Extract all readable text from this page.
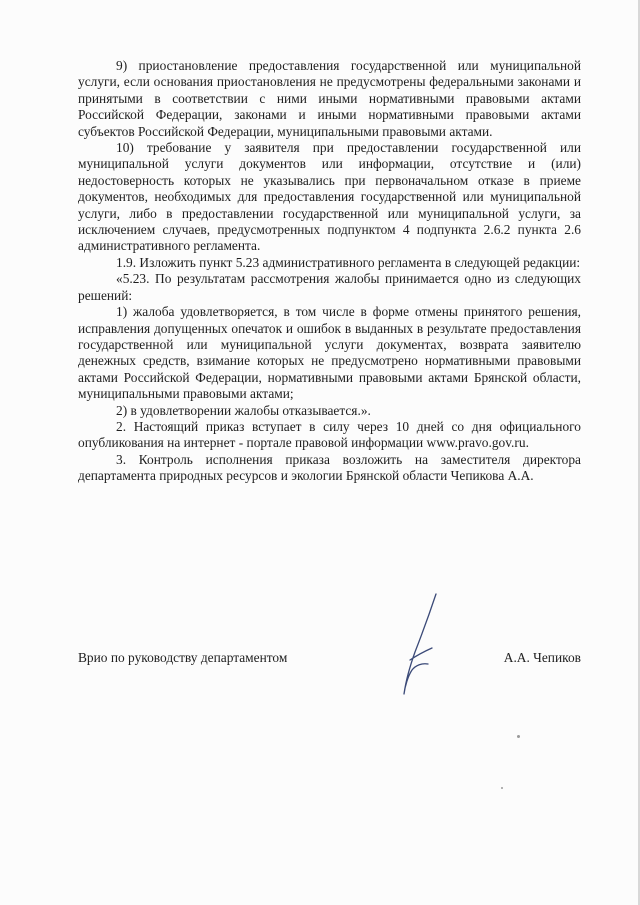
9) приостановление предоставления государственной или муниципальной услуги, если основания приостановления не предусмотрены федеральными законами и принятыми в соответствии с ними иными нормативными правовыми актами Российской Федерации, законами и иными нормативными правовыми актами субъектов Российской Федерации, муниципальными правовыми актами.

10) требование у заявителя при предоставлении государственной или муниципальной услуги документов или информации, отсутствие и (или) недостоверность которых не указывались при первоначальном отказе в приеме документов, необходимых для предоставления государственной или муниципальной услуги, либо в предоставлении государственной или муниципальной услуги, за исключением случаев, предусмотренных подпунктом 4 подпункта 2.6.2 пункта 2.6 административного регламента.

1.9. Изложить пункт 5.23 административного регламента в следующей редакции:

«5.23. По результатам рассмотрения жалобы принимается одно из следующих решений:

1) жалоба удовлетворяется, в том числе в форме отмены принятого решения, исправления допущенных опечаток и ошибок в выданных в результате предоставления государственной или муниципальной услуги документах, возврата заявителю денежных средств, взимание которых не предусмотрено нормативными правовыми актами Российской Федерации, нормативными правовыми актами Брянской области, муниципальными правовыми актами;

2) в удовлетворении жалобы отказывается.».

2. Настоящий приказ вступает в силу через 10 дней со дня официального опубликования на интернет - портале правовой информации www.pravo.gov.ru.

3. Контроль исполнения приказа возложить на заместителя директора департамента природных ресурсов и экологии Брянской области Чепикова А.А.

Врио по руководству департаментом	А.А. Чепиков
